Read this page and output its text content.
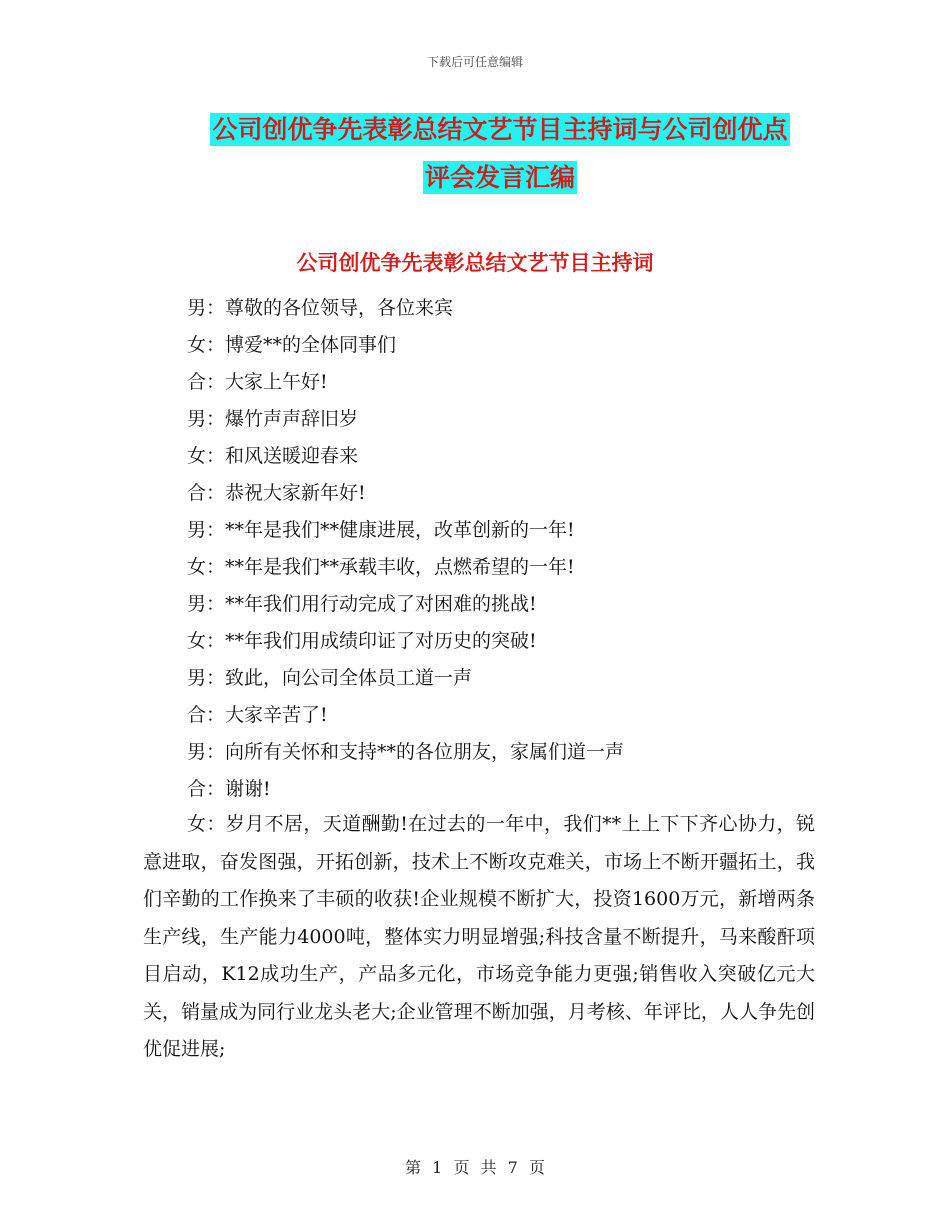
下载后可任意编辑
公司创优争先表彰总结文艺节目主持词与公司创优点
评会发言汇编
公司创优争先表彰总结文艺节目主持词
男：尊敬的各位领导，各位来宾
女：博爱**的全体同事们
合：大家上午好!
男：爆竹声声辞旧岁
女：和风送暖迎春来
合：恭祝大家新年好!
男：**年是我们**健康进展，改革创新的一年!
女：**年是我们**承载丰收，点燃希望的一年!
男：**年我们用行动完成了对困难的挑战!
女：**年我们用成绩印证了对历史的突破!
男：致此，向公司全体员工道一声
合：大家辛苦了!
男：向所有关怀和支持**的各位朋友，家属们道一声
合：谢谢!
女：岁月不居，天道酬勤!在过去的一年中，我们**上上下下齐心协力，锐意进取，奋发图强，开拓创新，技术上不断攻克难关，市场上不断开疆拓土，我们辛勤的工作换来了丰硕的收获!企业规模不断扩大，投资1600万元，新增两条生产线，生产能力4000吨，整体实力明显增强;科技含量不断提升，马来酸酐项目启动，K12成功生产，产品多元化，市场竞争能力更强;销售收入突破亿元大关，销量成为同行业龙头老大;企业管理不断加强，月考核、年评比，人人争先创优促进展;
第 1 页 共 7 页
